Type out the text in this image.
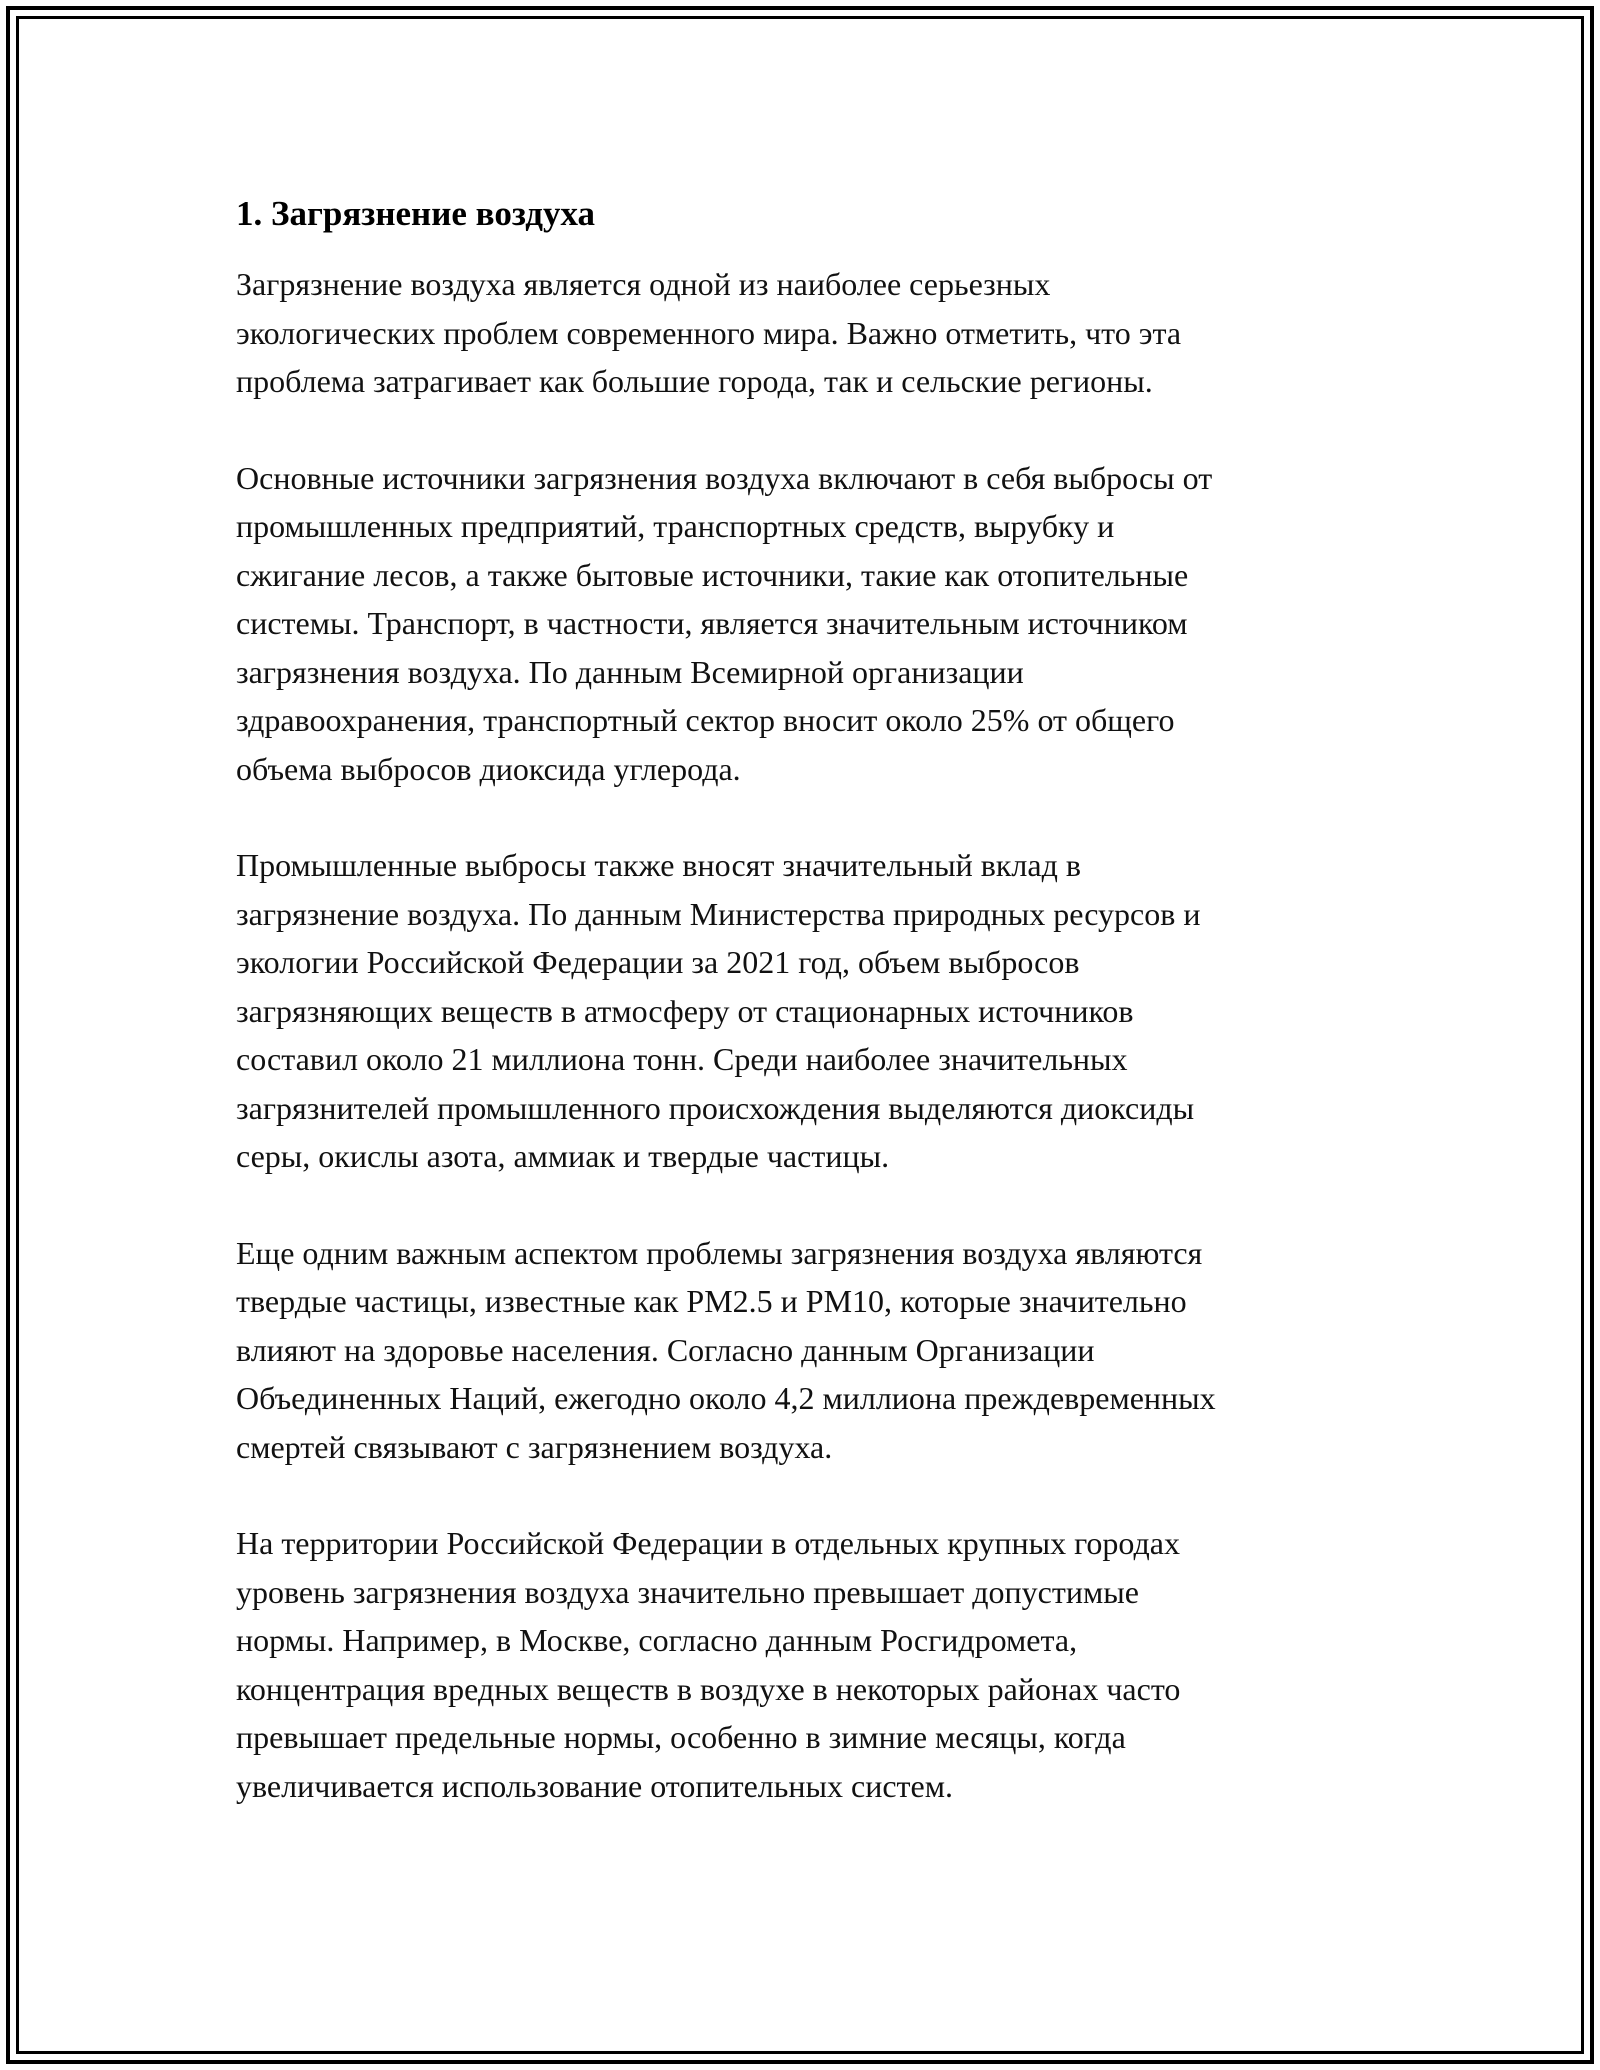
1. Загрязнение воздуха

Загрязнение воздуха является одной из наиболее серьезных
экологических проблем современного мира. Важно отметить, что эта
проблема затрагивает как большие города, так и сельские регионы.

Основные источники загрязнения воздуха включают в себя выбросы от
промышленных предприятий, транспортных средств, вырубку и
сжигание лесов, а также бытовые источники, такие как отопительные
системы. Транспорт, в частности, является значительным источником
загрязнения воздуха. По данным Всемирной организации
здравоохранения, транспортный сектор вносит около 25% от общего
объема выбросов диоксида углерода.

Промышленные выбросы также вносят значительный вклад в
загрязнение воздуха. По данным Министерства природных ресурсов и
экологии Российской Федерации за 2021 год, объем выбросов
загрязняющих веществ в атмосферу от стационарных источников
составил около 21 миллиона тонн. Среди наиболее значительных
загрязнителей промышленного происхождения выделяются диоксиды
серы, окислы азота, аммиак и твердые частицы.

Еще одним важным аспектом проблемы загрязнения воздуха являются
твердые частицы, известные как PM2.5 и PM10, которые значительно
влияют на здоровье населения. Согласно данным Организации
Объединенных Наций, ежегодно около 4,2 миллиона преждевременных
смертей связывают с загрязнением воздуха.

На территории Российской Федерации в отдельных крупных городах
уровень загрязнения воздуха значительно превышает допустимые
нормы. Например, в Москве, согласно данным Росгидромета,
концентрация вредных веществ в воздухе в некоторых районах часто
превышает предельные нормы, особенно в зимние месяцы, когда
увеличивается использование отопительных систем.
